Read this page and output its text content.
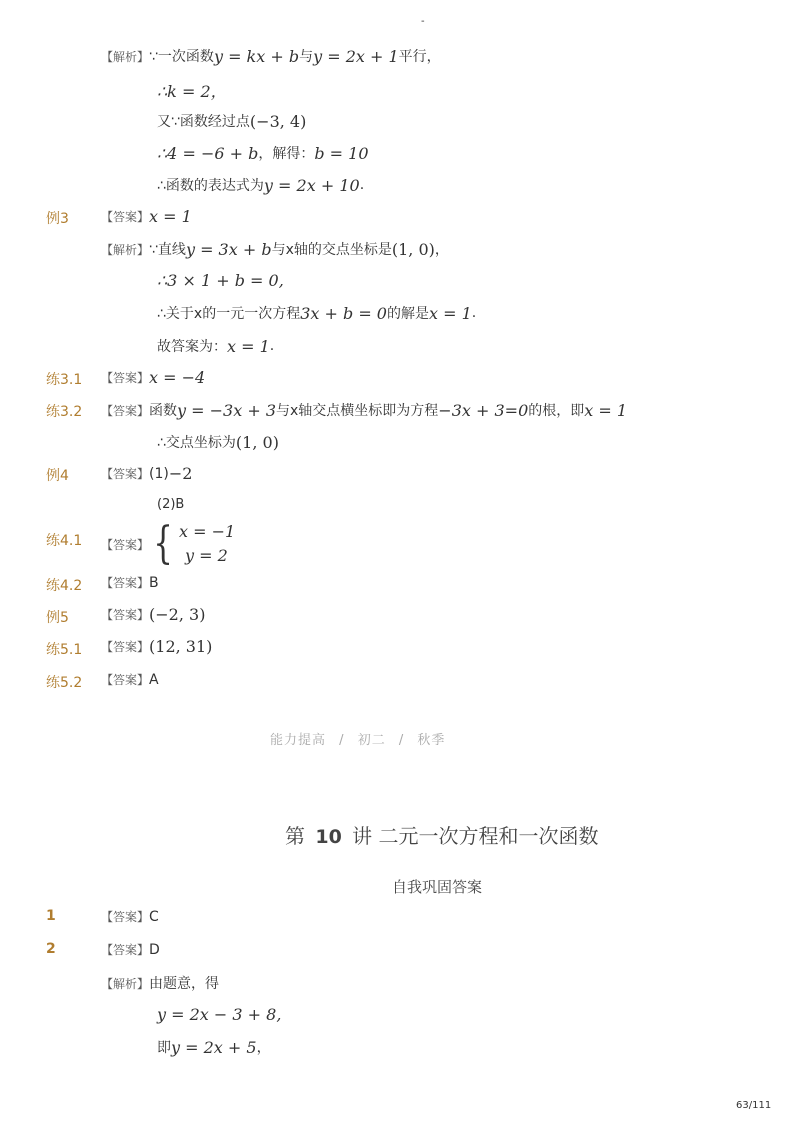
-
【解析】 ∵一次函数 y = kx + b 与 y = 2x + 1 平行，
∴k = 2，
又∵函数经过点 (−3, 4)
∴4 = −6 + b ，解得： b = 10
∴函数的表达式为 y = 2x + 10 .
例3	【答案】 x = 1
【解析】 ∵直线 y = 3x + b 与x轴的交点坐标是 (1, 0) ，
∴3 × 1 + b = 0,
∴关于x的一元一次方程 3x + b = 0 的解是 x = 1 .
故答案为： x = 1 .
练3.1 【答案】 x = −4
练3.2 【答案】 函数 y = −3x + 3 与x轴交点横坐标即为方程 −3x + 3=0 的根，即 x = 1
∴交点坐标为 (1, 0)
例4	【答案】 (1) −2
(2)B
练4.1 【答案】 { x = −1
y = 2
练4.2 【答案】 B
例5	【答案】 (−2, 3)
练5.1 【答案】 (12, 31)
练5.2 【答案】 A
能力提高 / 初二 / 秋季
第 10 讲 二元一次方程和一次函数
自我巩固答案
1	【答案】 C
2	【答案】 D
【解析】 由题意，得
y = 2x − 3 + 8,
即 y = 2x + 5 ，
63/111
